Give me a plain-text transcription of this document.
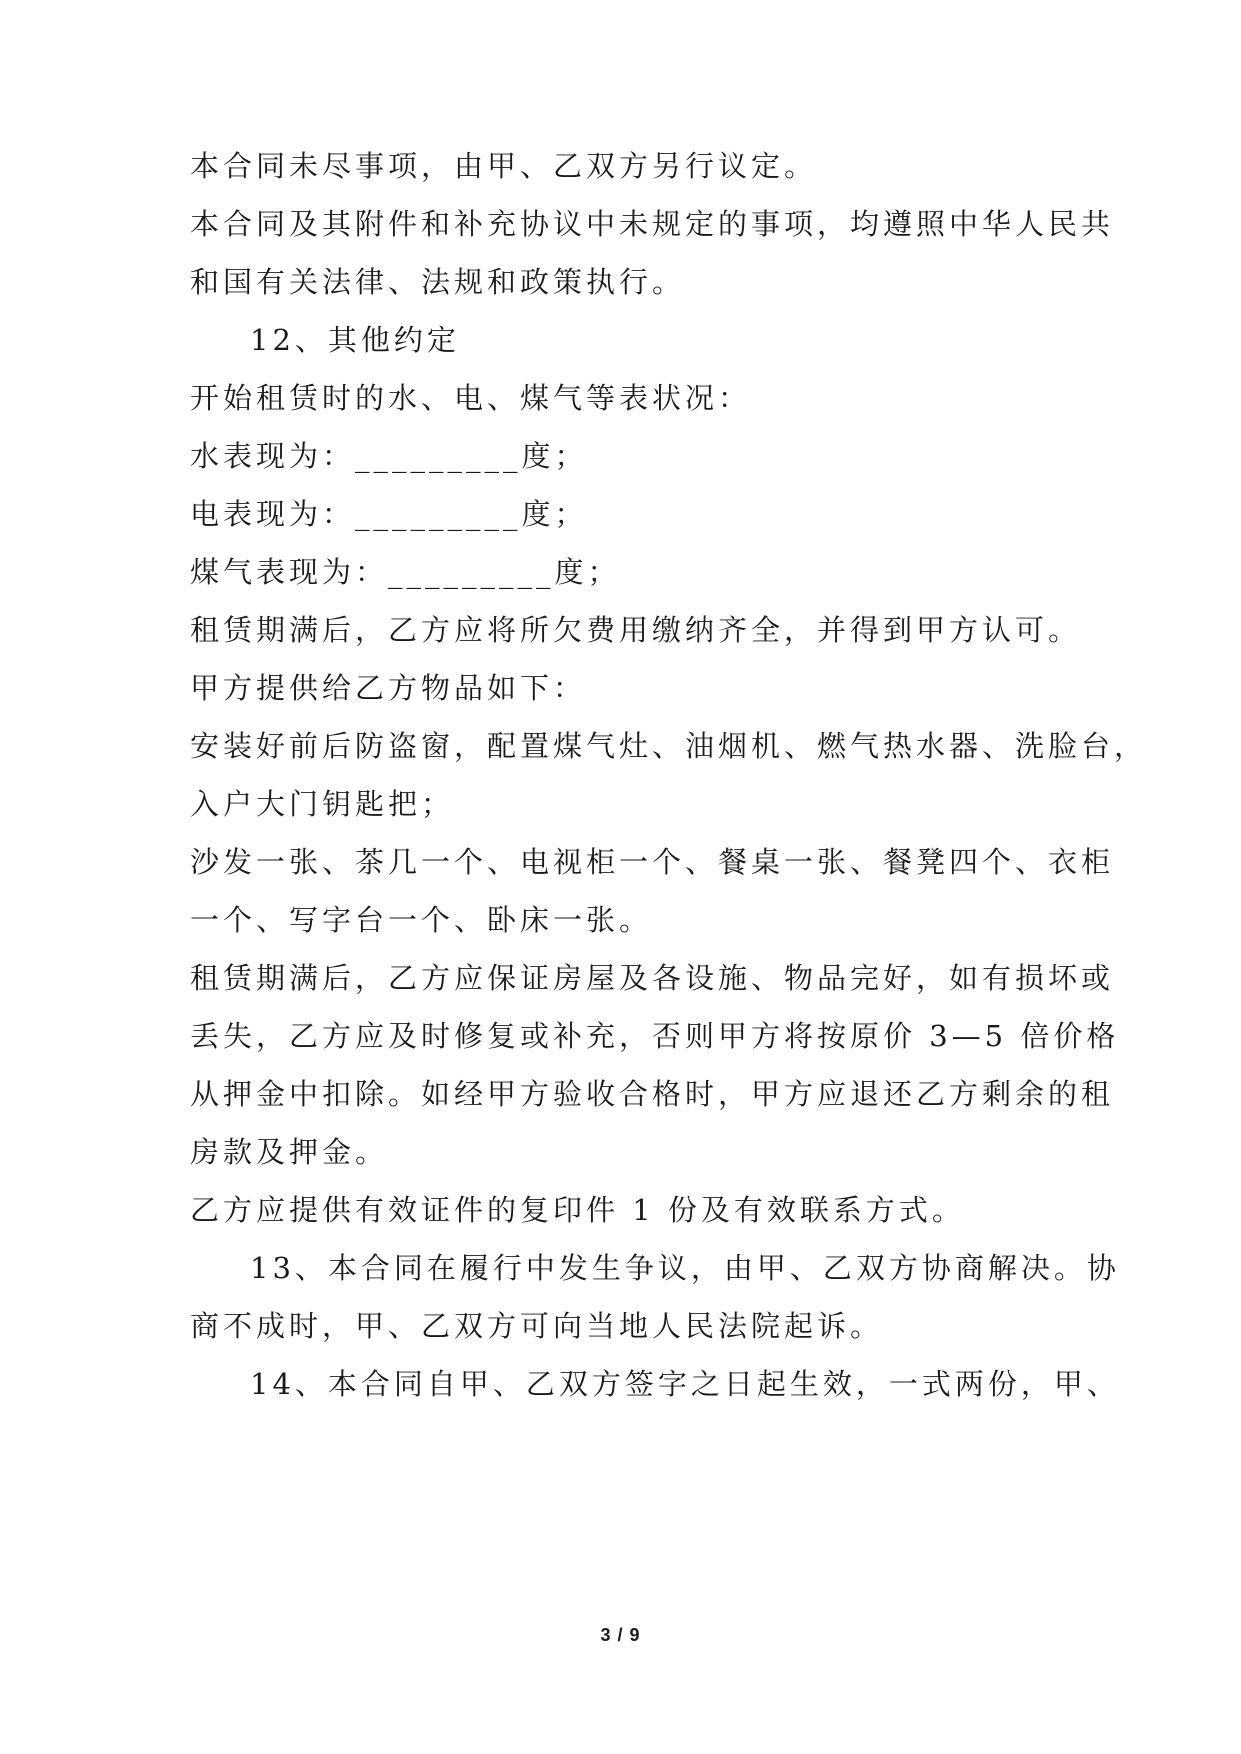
本合同未尽事项，由甲、乙双方另行议定。
本合同及其附件和补充协议中未规定的事项，均遵照中华人民共
和国有关法律、法规和政策执行。
12、其他约定
开始租赁时的水、电、煤气等表状况：
水表现为：_________度；
电表现为：_________度；
煤气表现为：_________度；
租赁期满后，乙方应将所欠费用缴纳齐全，并得到甲方认可。
甲方提供给乙方物品如下：
安装好前后防盗窗，配置煤气灶、油烟机、燃气热水器、洗脸台，
入户大门钥匙把；
沙发一张、茶几一个、电视柜一个、餐桌一张、餐凳四个、衣柜
一个、写字台一个、卧床一张。
租赁期满后，乙方应保证房屋及各设施、物品完好，如有损坏或
丢失，乙方应及时修复或补充，否则甲方将按原价 3—5 倍价格
从押金中扣除。如经甲方验收合格时，甲方应退还乙方剩余的租
房款及押金。
乙方应提供有效证件的复印件 1 份及有效联系方式。
13、本合同在履行中发生争议，由甲、乙双方协商解决。协
商不成时，甲、乙双方可向当地人民法院起诉。
14、本合同自甲、乙双方签字之日起生效，一式两份，甲、
3 / 9
